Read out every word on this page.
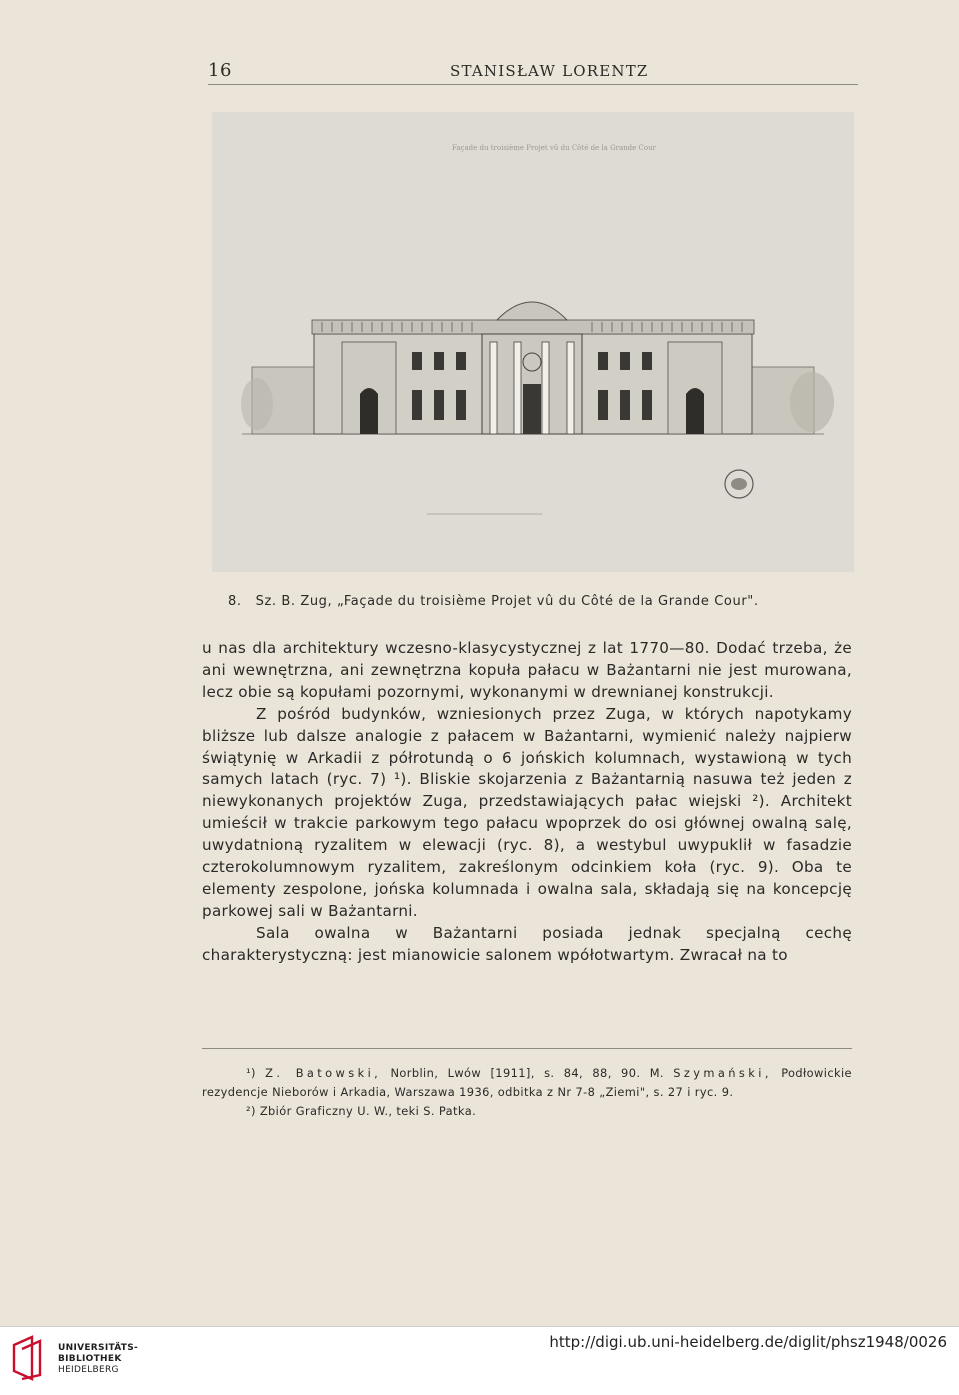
16	STANISŁAW LORENTZ
Façade du troisième Projet vû du Côté de la Grande Cour
8. Sz. B. Zug, „Façade du troisième Projet vû du Côté de la Grande Cour".

u nas dla architektury wczesno-klasycystycznej z lat 1770—80. Dodać trzeba, że ani wewnętrzna, ani zewnętrzna kopuła pałacu w Bażantarni nie jest murowana, lecz obie są kopułami pozornymi, wykonanymi w drewnianej konstrukcji.

Z pośród budynków, wzniesionych przez Zuga, w których napotykamy bliższe lub dalsze analogie z pałacem w Bażantarni, wymienić należy najpierw świątynię w Arkadii z półrotundą o 6 jońskich kolumnach, wystawioną w tych samych latach (ryc. 7) ¹). Bliskie skojarzenia z Bażantarnią nasuwa też jeden z niewykonanych projektów Zuga, przedstawiających pałac wiejski ²). Architekt umieścił w trakcie parkowym tego pałacu wpoprzek do osi głównej owalną salę, uwydatnioną ryzalitem w elewacji (ryc. 8), a westybul uwypuklił w fasadzie czterokolumnowym ryzalitem, zakreślonym odcinkiem koła (ryc. 9). Oba te elementy zespolone, jońska kolumnada i owalna sala, składają się na koncepcję parkowej sali w Bażantarni.

Sala owalna w Bażantarni posiada jednak specjalną cechę charakterystyczną: jest mianowicie salonem wpółotwartym. Zwracał na to

¹) Z. Batowski, Norblin, Lwów [1911], s. 84, 88, 90. M. Szymański, Podłowickie rezydencje Nieborów i Arkadia, Warszawa 1936, odbitka z Nr 7-8 „Ziemi", s. 27 i ryc. 9.

²) Zbiór Graficzny U. W., teki S. Patka.

UNIVERSITÄTS-
BIBLIOTHEK
HEIDELBERG
http://digi.ub.uni-heidelberg.de/diglit/phsz1948/0026
